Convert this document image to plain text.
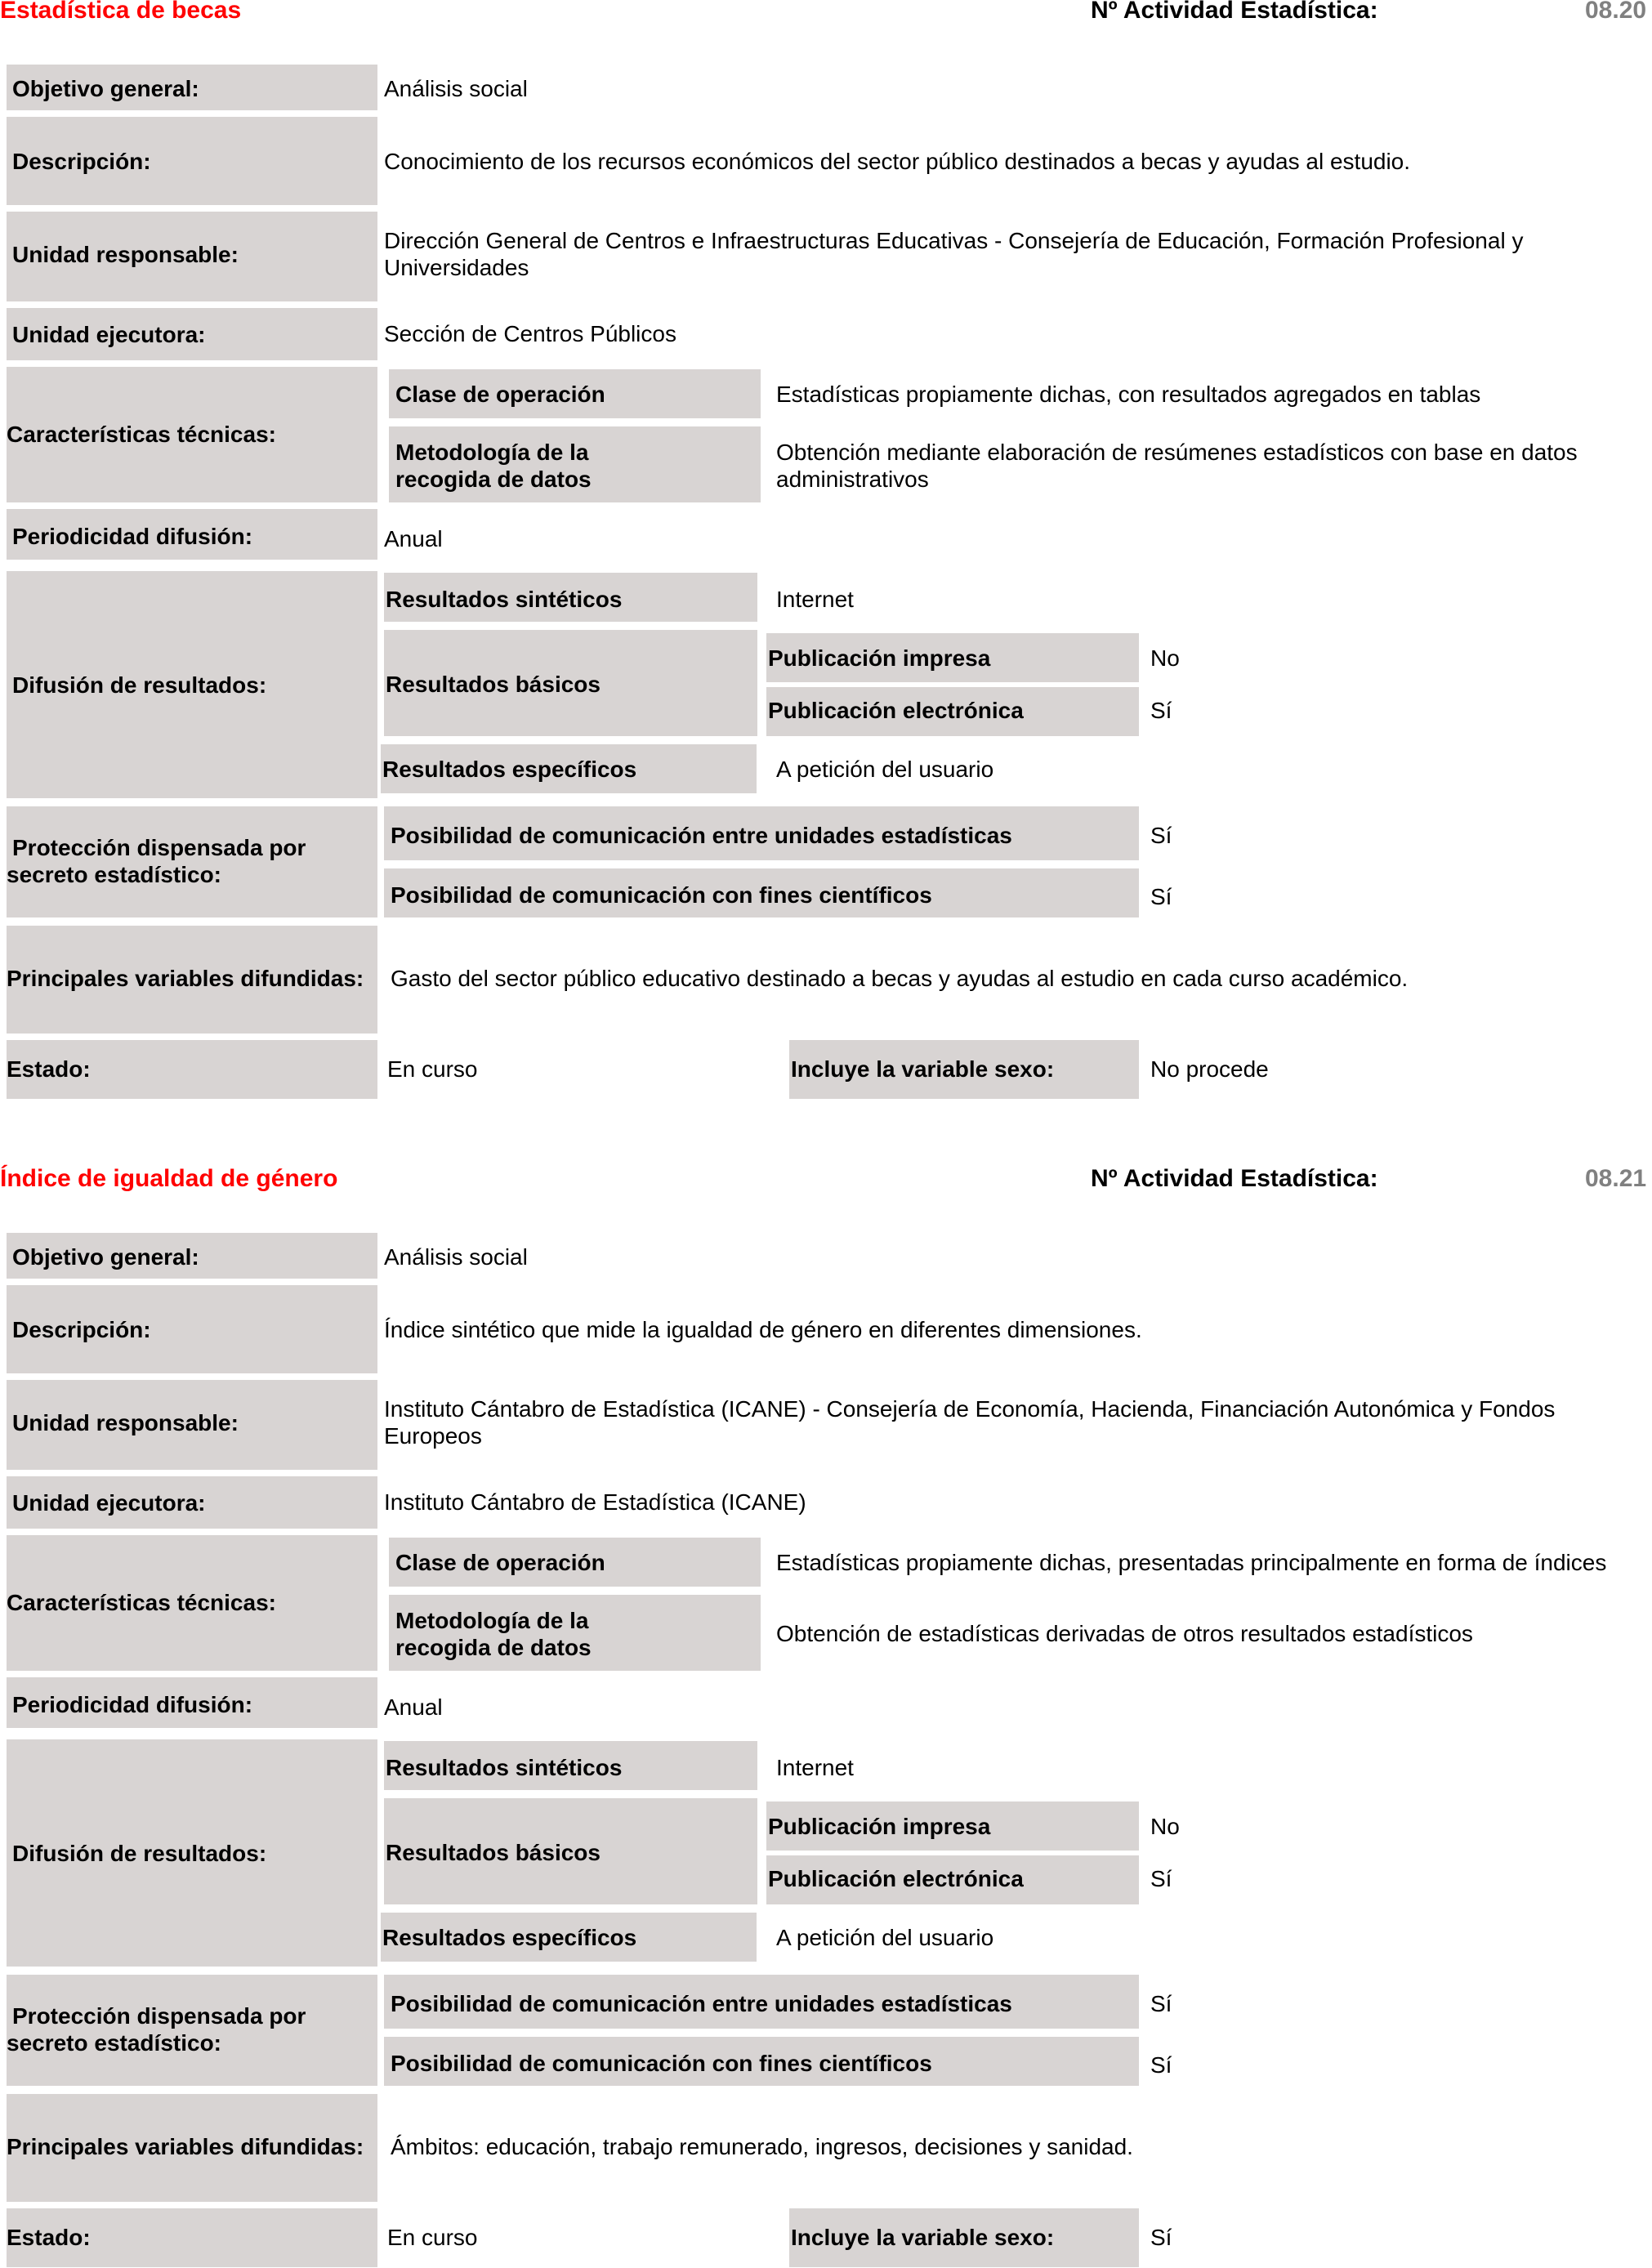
Estadística de becas	Nº Actividad Estadística:	08.20
Objetivo general:	Análisis social
Descripción:	Conocimiento de los recursos económicos del sector público destinados a becas y ayudas al estudio.
Unidad responsable:
Dirección General de Centros e Infraestructuras Educativas - Consejería de Educación, Formación Profesional y
Universidades
Unidad ejecutora:	Sección de Centros Públicos
Características técnicas:
Clase de operación	Estadísticas propiamente dichas, con resultados agregados en tablas
Metodología de la
recogida de datos
Obtención mediante elaboración de resúmenes estadísticos con base en datos
administrativos
Periodicidad difusión:	Anual
Difusión de resultados:
Resultados sintéticos	Internet
Resultados básicos
Publicación impresa	No
Publicación electrónica	Sí
Resultados específicos	A petición del usuario
Protección dispensada por
secreto estadístico:
Posibilidad de comunicación entre unidades estadísticas	Sí
Posibilidad de comunicación con fines científicos	Sí
Principales variables difundidas: Gasto del sector público educativo destinado a becas y ayudas al estudio en cada curso académico.
Estado:	En curso	Incluye la variable sexo:	No procede
Índice de igualdad de género	Nº Actividad Estadística:	08.21
Objetivo general:	Análisis social
Descripción:	Índice sintético que mide la igualdad de género en diferentes dimensiones.
Unidad responsable:
Instituto Cántabro de Estadística (ICANE) - Consejería de Economía, Hacienda, Financiación Autonómica y Fondos
Europeos
Unidad ejecutora:	Instituto Cántabro de Estadística (ICANE)
Características técnicas:
Clase de operación	Estadísticas propiamente dichas, presentadas principalmente en forma de índices
Metodología de la
recogida de datos
Obtención de estadísticas derivadas de otros resultados estadísticos
Periodicidad difusión:	Anual
Difusión de resultados:
Resultados sintéticos	Internet
Resultados básicos
Publicación impresa	No
Publicación electrónica	Sí
Resultados específicos	A petición del usuario
Protección dispensada por
secreto estadístico:
Posibilidad de comunicación entre unidades estadísticas	Sí
Posibilidad de comunicación con fines científicos	Sí
Principales variables difundidas: Ámbitos: educación, trabajo remunerado, ingresos, decisiones y sanidad.
Estado:	En curso	Incluye la variable sexo:	Sí
